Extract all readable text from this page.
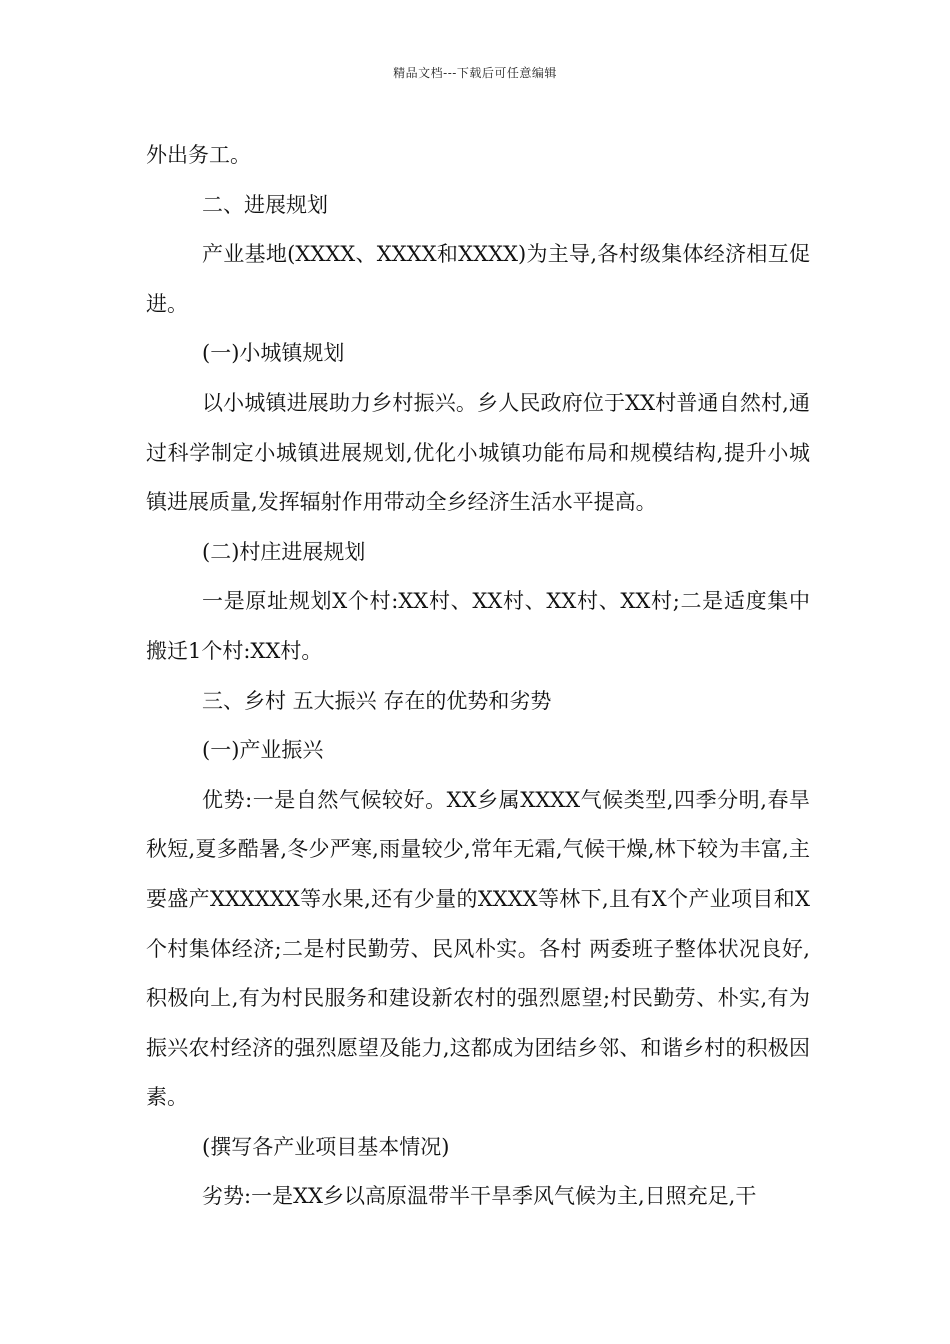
精品文档---下载后可任意编辑

外出务工。

二、进展规划

产业基地(XXXX、XXXX和XXXX)为主导,各村级集体经济相互促进。

(一)小城镇规划

以小城镇进展助力乡村振兴。乡人民政府位于XX村普通自然村,通过科学制定小城镇进展规划,优化小城镇功能布局和规模结构,提升小城镇进展质量,发挥辐射作用带动全乡经济生活水平提高。

(二)村庄进展规划

一是原址规划X个村:XX村、XX村、XX村、XX村;二是适度集中搬迁1个村:XX村。

三、乡村 五大振兴 存在的优势和劣势

(一)产业振兴

优势:一是自然气候较好。XX乡属XXXX气候类型,四季分明,春旱秋短,夏多酷暑,冬少严寒,雨量较少,常年无霜,气候干燥,林下较为丰富,主要盛产XXXXXX等水果,还有少量的XXXX等林下,且有X个产业项目和X个村集体经济;二是村民勤劳、民风朴实。各村 两委班子整体状况良好,积极向上,有为村民服务和建设新农村的强烈愿望;村民勤劳、朴实,有为振兴农村经济的强烈愿望及能力,这都成为团结乡邻、和谐乡村的积极因素。

(撰写各产业项目基本情况)

劣势:一是XX乡以高原温带半干旱季风气候为主,日照充足,干
